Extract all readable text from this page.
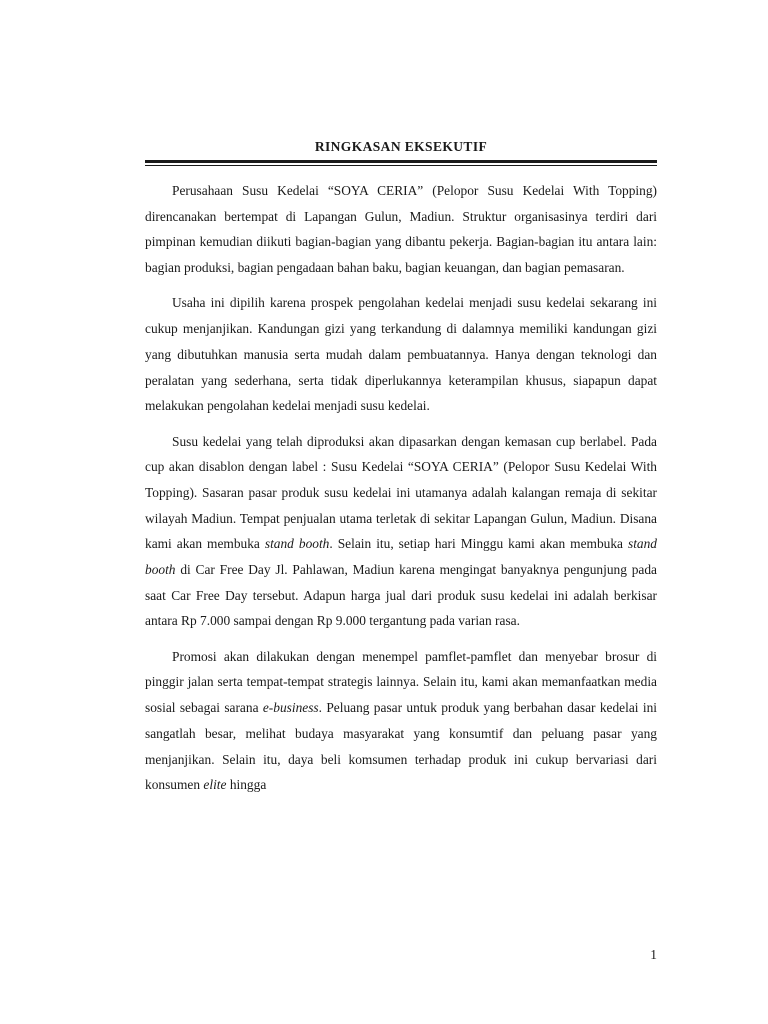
RINGKASAN EKSEKUTIF

Perusahaan Susu Kedelai “SOYA CERIA” (Pelopor Susu Kedelai With Topping) direncanakan bertempat di Lapangan Gulun, Madiun. Struktur organisasinya terdiri dari pimpinan kemudian diikuti bagian-bagian yang dibantu pekerja. Bagian-bagian itu antara lain: bagian produksi, bagian pengadaan bahan baku, bagian keuangan, dan bagian pemasaran.

Usaha ini dipilih karena prospek pengolahan kedelai menjadi susu kedelai sekarang ini cukup menjanjikan. Kandungan gizi yang terkandung di dalamnya memiliki kandungan gizi yang dibutuhkan manusia serta mudah dalam pembuatannya. Hanya dengan teknologi dan peralatan yang sederhana, serta tidak diperlukannya keterampilan khusus, siapapun dapat melakukan pengolahan kedelai menjadi susu kedelai.

Susu kedelai yang telah diproduksi akan dipasarkan dengan kemasan cup berlabel. Pada cup akan disablon dengan label : Susu Kedelai “SOYA CERIA” (Pelopor Susu Kedelai With Topping). Sasaran pasar produk susu kedelai ini utamanya adalah kalangan remaja di sekitar wilayah Madiun. Tempat penjualan utama terletak di sekitar Lapangan Gulun, Madiun. Disana kami akan membuka stand booth. Selain itu, setiap hari Minggu kami akan membuka stand booth di Car Free Day Jl. Pahlawan, Madiun karena mengingat banyaknya pengunjung pada saat Car Free Day tersebut. Adapun harga jual dari produk susu kedelai ini adalah berkisar antara Rp 7.000 sampai dengan Rp 9.000 tergantung pada varian rasa.

Promosi akan dilakukan dengan menempel pamflet-pamflet dan menyebar brosur di pinggir jalan serta tempat-tempat strategis lainnya. Selain itu, kami akan memanfaatkan media sosial sebagai sarana e-business. Peluang pasar untuk produk yang berbahan dasar kedelai ini sangatlah besar, melihat budaya masyarakat yang konsumtif dan peluang pasar yang menjanjikan. Selain itu, daya beli komsumen terhadap produk ini cukup bervariasi dari konsumen elite hingga

1
